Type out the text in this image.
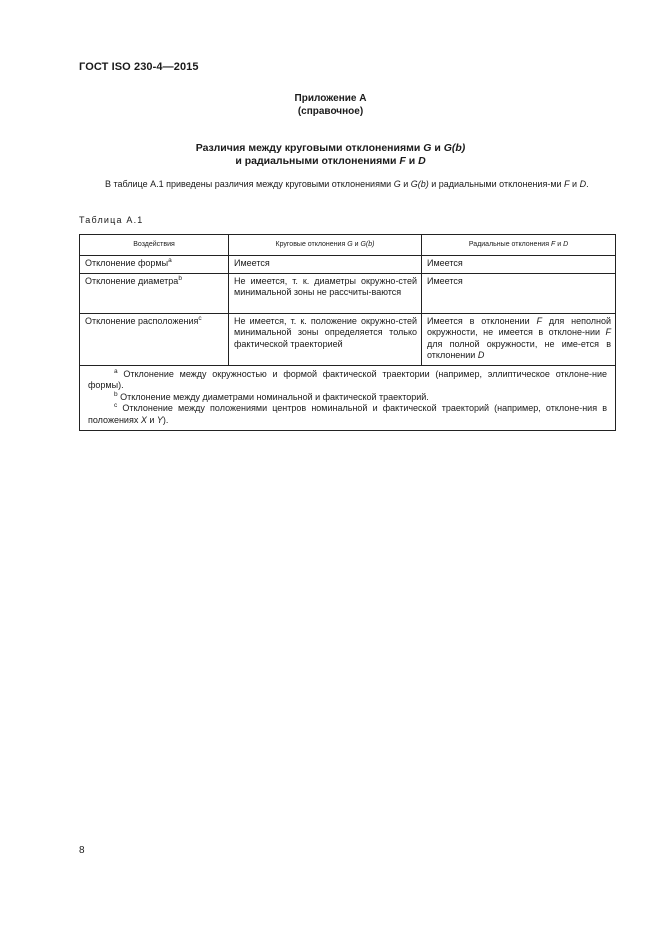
ГОСТ ISO 230-4—2015
Приложение А
(справочное)
Различия между круговыми отклонениями G и G(b)
и радиальными отклонениями F и D
В таблице А.1 приведены различия между круговыми отклонениями G и G(b) и радиальными отклонения-ми F и D.
Таблица А.1
Воздействия	Круговые отклонения G и G(b)	Радиальные отклонения F и D
Отклонение формы$^a$	Имеется	Имеется
Отклонение диаметра$^b$	Не имеется, т. к. диаметры окружно-стей минимальной зоны не рассчиты-ваются	Имеется
Отклонение расположения$^c$	Не имеется, т. к. положение окружно-стей минимальной зоны определяется только фактической траекторией	Имеется в отклонении F для неполной окружности, не имеется в отклоне-нии F для полной окружности, не име-ется в отклонении D

$^a$ Отклонение между окружностью и формой фактической траектории (например, эллиптическое отклоне-ние формы).

$^b$ Отклонение между диаметрами номинальной и фактической траекторий.

$^c$ Отклонение между положениями центров номинальной и фактической траекторий (например, отклоне-ния в положениях X и Y).		

8
